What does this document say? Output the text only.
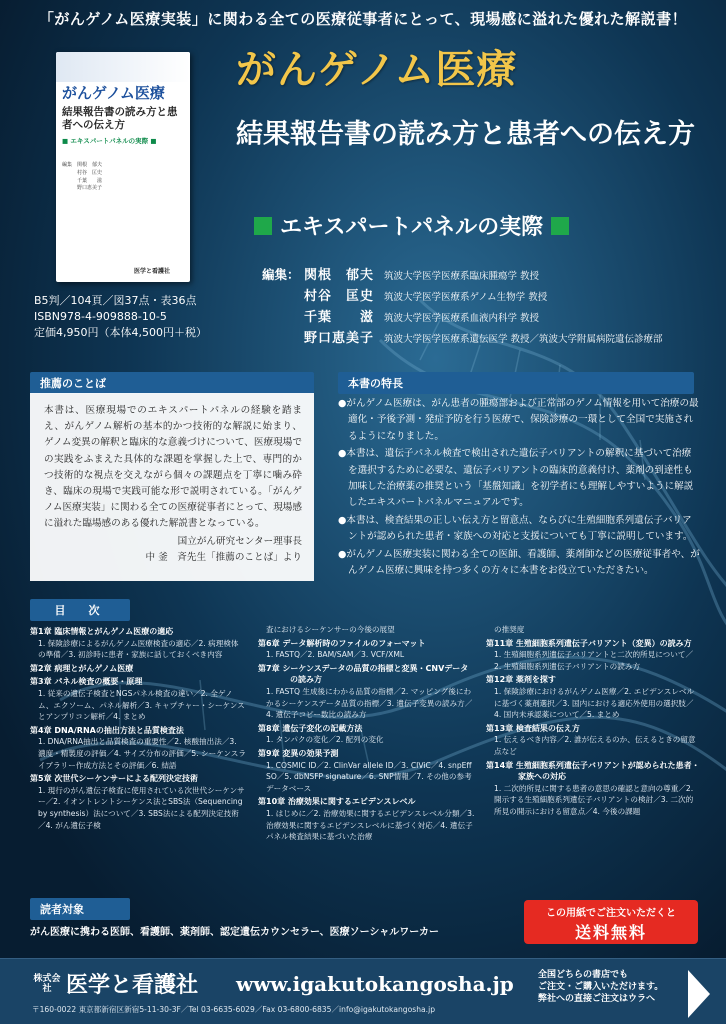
「がんゲノム医療実装」に関わる全ての医療従事者にとって、現場感に溢れた優れた解説書！
がんゲノム医療
結果報告書の読み方と患者への伝え方
■ エキスパートパネルの実際 ■
編集　関根　郁夫
　　　村谷　匡史
　　　千葉　　滋
　　　野口恵美子
医学と看護社
B5判／104頁／図37点・表36点
ISBN978-4-909888-10-5
定価4,950円（本体4,500円＋税）
がんゲノム医療
結果報告書の読み方と患者への伝え方
エキスパートパネルの実際
編集： 関根　郁夫	筑波大学医学医療系臨床腫瘍学 教授
村谷　匡史	筑波大学医学医療系ゲノム生物学 教授
千葉　　滋	筑波大学医学医療系血液内科学 教授
野口恵美子	筑波大学医学医療系遺伝医学 教授／筑波大学附属病院遺伝診療部
推薦のことば
本書は、医療現場でのエキスパートパネルの経験を踏まえ、がんゲノム解析の基本的かつ技術的な解説に始まり、ゲノム変異の解釈と臨床的な意義づけについて、医療現場での実践をふまえた具体的な課題を掌握した上で、専門的かつ技術的な視点を交えながら個々の課題点を丁寧に噛み砕き、臨床の現場で実践可能な形で説明されている。「がんゲノム医療実装」に関わる全ての医療従事者にとって、現場感に溢れた臨場感のある優れた解説書となっている。
国立がん研究センター理事長
中 釜　斉先生「推薦のことば」より
本書の特長
●がんゲノム医療は、がん患者の腫瘍部および正常部のゲノム情報を用いて治療の最適化・予後予測・発症予防を行う医療で、保険診療の一環として全国で実施されるようになりました。
●本書は、遺伝子パネル検査で検出された遺伝子バリアントの解釈に基づいて治療を選択するために必要な、遺伝子バリアントの臨床的意義付け、薬剤の到達性も加味した治療薬の推奨という「基盤知識」を初学者にも理解しやすいように解説したエキスパートパネルマニュアルです。
●本書は、検査結果の正しい伝え方と留意点、ならびに生殖細胞系列遺伝子バリアントが認められた患者・家族への対応と支援についても丁寧に説明しています。
●がんゲノム医療実装に関わる全ての医師、看護師、薬剤師などの医療従事者や、がんゲノム医療に興味を持つ多くの方々に本書をお役立ていただきたい。
目　次
第1章 臨床情報とがんゲノム医療の適応
1. 保険診療によるがんゲノム医療検査の適応／2. 病理検体の準備／3. 初診時に患者・家族に話しておくべき内容
第2章 病理とがんゲノム医療
第3章 パネル検査の概要・原理
1. 従来の遺伝子検査とNGSパネル検査の違い／2. 全ゲノム、エクソーム、パネル解析／3. キャプチャー・シーケンスとアンプリコン解析／4. まとめ
第4章 DNA/RNAの抽出方法と品質検査法
1. DNA/RNA抽出と品質検査の重要性／2. 核酸抽出法／3. 濃度・精製度の評価／4. サイズ分布の評価／5. シーケンスライブラリー作成方法とその評価／6. 結語
第5章 次世代シーケンサーによる配列決定技術
1. 現行のがん遺伝子検査に使用されている次世代シーケンサー／2. イオントレントシーケンス法とSBS法（Sequencing by synthesis）法について／3. SBS法による配列決定技術／4. がん遺伝子検
査におけるシーケンサーの今後の展望
第6章 データ解析時のファイルのフォーマット
1. FASTQ／2. BAM/SAM／3. VCF/XML
第7章 シーケンスデータの品質の指標と変異・CNVデータの読み方
1. FASTQ 生成後にわかる品質の指標／2. マッピング後にわかるシーケンスデータ品質の指標／3. 遺伝子変異の読み方／4. 遺伝子コピー数比の読み方
第8章 遺伝子変化の記載方法
1. タンパクの変化／2. 配列の変化
第9章 変異の効果予測
1. COSMIC ID／2. ClinVar allele ID／3. CIViC／4. snpEff SO／5. dbNSFP signature／6. SNP情報／7. その他の参考データベース
第10章 治療効果に関するエビデンスレベル
1. はじめに／2. 治療効果に関するエビデンスレベル分類／3. 治療効果に関するエビデンスレベルに基づく対応／4. 遺伝子パネル検査結果に基づいた治療
の推奨度
第11章 生殖細胞系列遺伝子バリアント（変異）の読み方
1. 生殖細胞系列遺伝子バリアントと二次的所見について／2. 生殖細胞系列遺伝子バリアントの読み方
第12章 薬剤を探す
1. 保険診療におけるがんゲノム医療／2. エビデンスレベルに基づく薬剤選択／3. 国内における適応外使用の選択肢／4. 国内未承認薬について／5. まとめ
第13章 検査結果の伝え方
1. 伝えるべき内容／2. 誰が伝えるのか、伝えるときの留意点など
第14章 生殖細胞系列遺伝子バリアントが認められた患者・家族への対応
1. 二次的所見に関する患者の意思の確認と意向の尊重／2. 開示する生殖細胞系列遺伝子バリアントの検討／3. 二次的所見の開示における留意点／4. 今後の課題
読者対象
がん医療に携わる医師、看護師、薬剤師、認定遺伝カウンセラー、医療ソーシャルワーカー
この用紙でご注文いただくと
送料無料
株式会社 医学と看護社 www.igakutokangosha.jp
〒160-0022 東京都新宿区新宿5-11-30-3F／Tel 03-6635-6029／Fax 03-6800-6835／info@igakutokangosha.jp
全国どちらの書店でも
ご注文・ご購入いただけます。
弊社への直接ご注文はウラへ
